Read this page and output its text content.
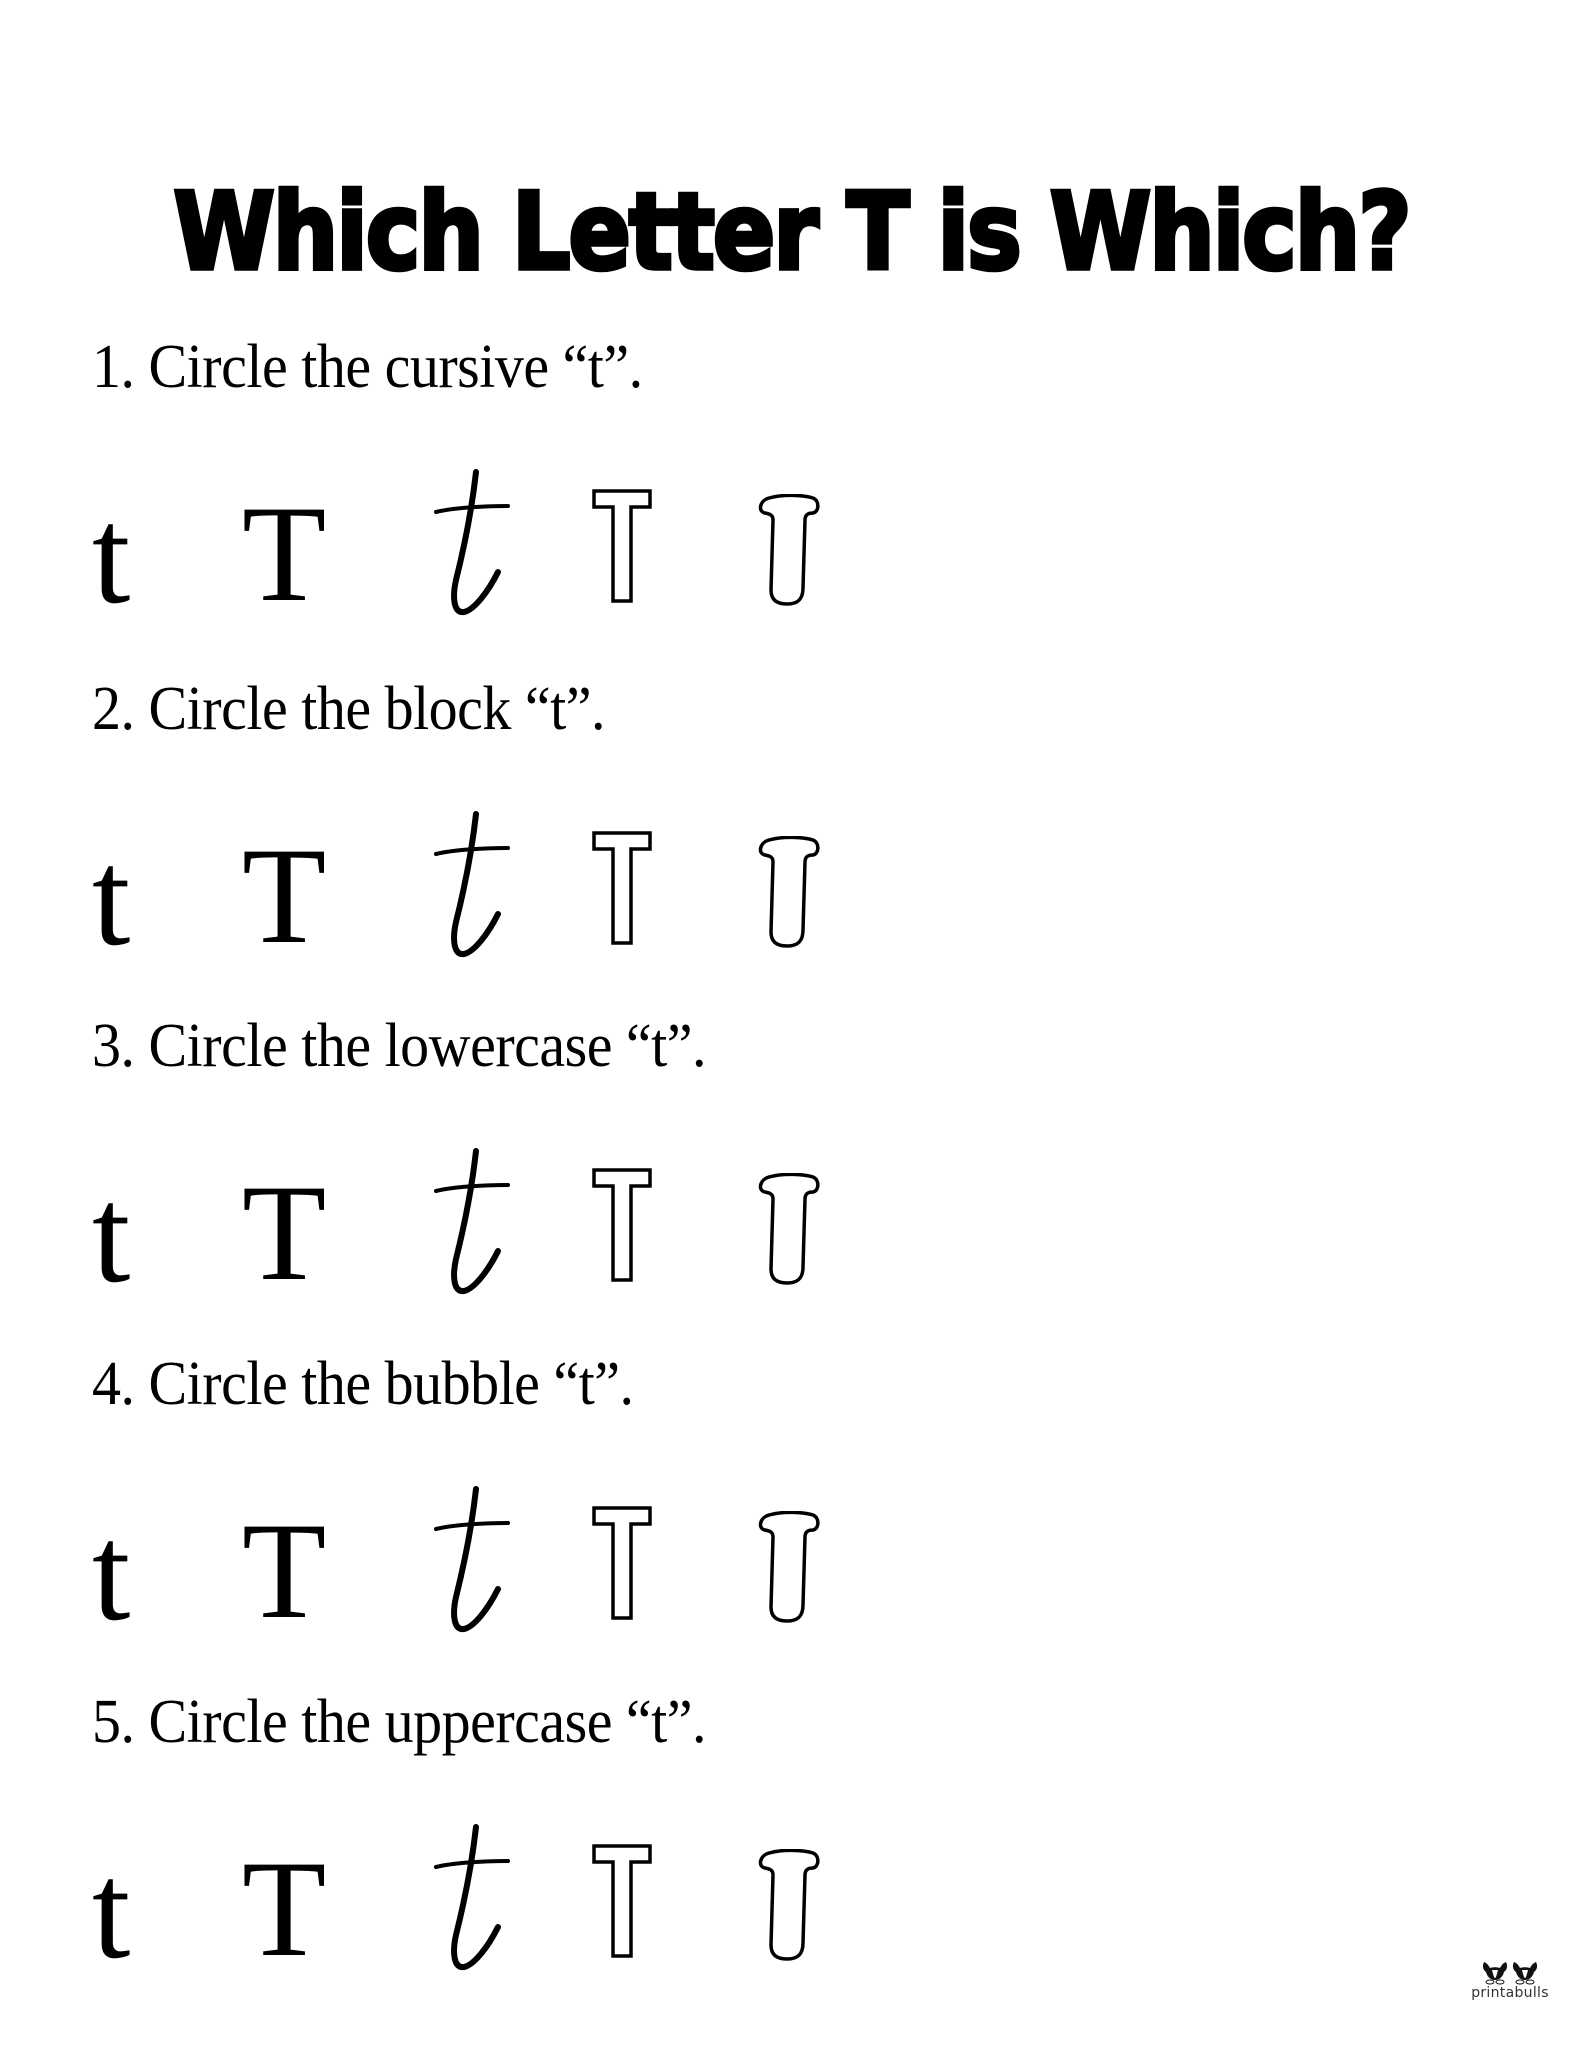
Which Letter T is Which?
1. Circle the cursive “t”.
t T
2. Circle the block “t”.
t T
3. Circle the lowercase “t”.
t T
4. Circle the bubble “t”.
t T
5. Circle the uppercase “t”.
t T
printabulls
